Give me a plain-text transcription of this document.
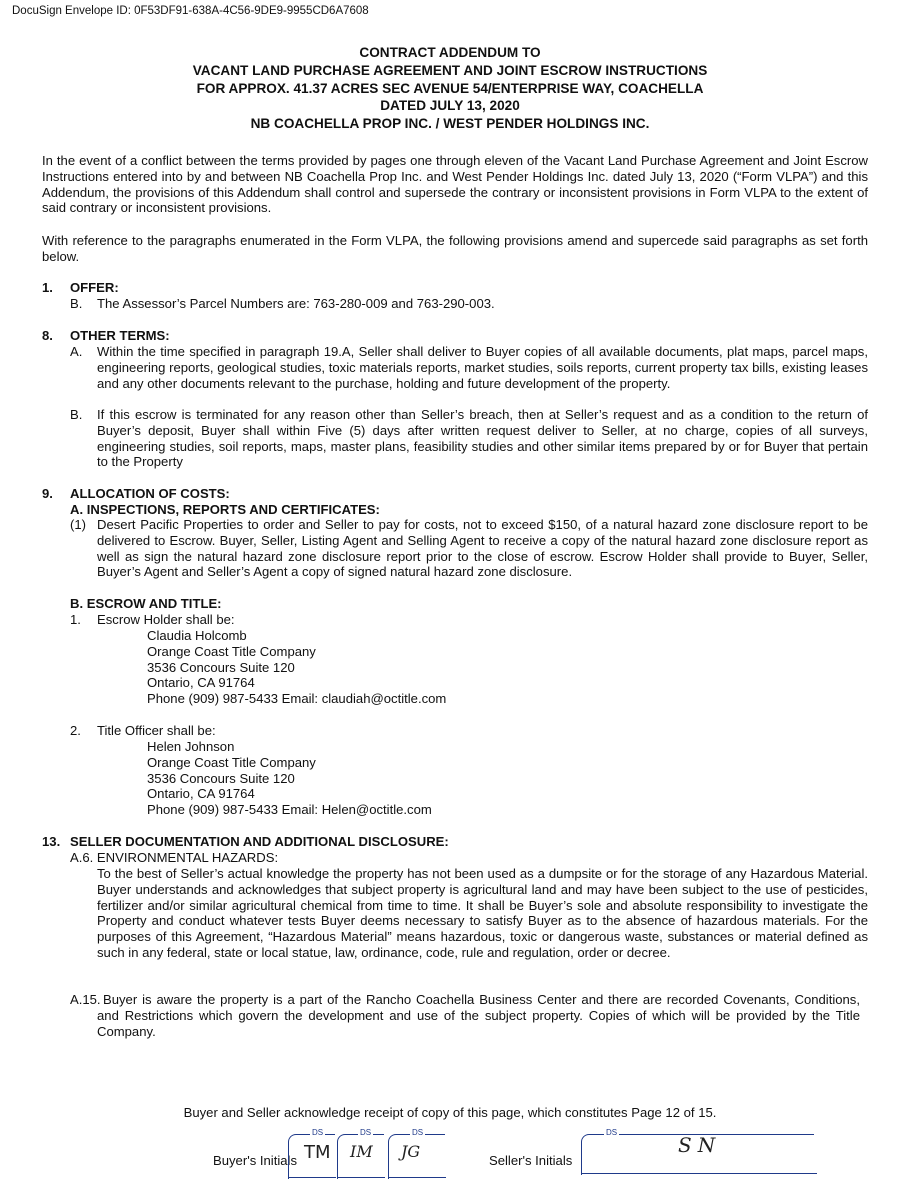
DocuSign Envelope ID: 0F53DF91-638A-4C56-9DE9-9955CD6A7608
CONTRACT ADDENDUM TO
VACANT LAND PURCHASE AGREEMENT AND JOINT ESCROW INSTRUCTIONS
FOR APPROX. 41.37 ACRES SEC AVENUE 54/ENTERPRISE WAY, COACHELLA
DATED JULY 13, 2020
NB COACHELLA PROP INC. / WEST PENDER HOLDINGS INC.
In the event of a conflict between the terms provided by pages one through eleven of the Vacant Land Purchase Agreement and Joint Escrow Instructions entered into by and between NB Coachella Prop Inc. and West Pender Holdings Inc. dated July 13, 2020 (“Form VLPA”) and this Addendum, the provisions of this Addendum shall control and supersede the contrary or inconsistent provisions in Form VLPA to the extent of said contrary or inconsistent provisions.
With reference to the paragraphs enumerated in the Form VLPA, the following provisions amend and supercede said paragraphs as set forth below.
1. OFFER:
B. The Assessor’s Parcel Numbers are: 763-280-009 and 763-290-003.
8. OTHER TERMS:
A. Within the time specified in paragraph 19.A, Seller shall deliver to Buyer copies of all available documents, plat maps, parcel maps, engineering reports, geological studies, toxic materials reports, market studies, soils reports, current property tax bills, existing leases and any other documents relevant to the purchase, holding and future development of the property.
B. If this escrow is terminated for any reason other than Seller’s breach, then at Seller’s request and as a condition to the return of Buyer’s deposit, Buyer shall within Five (5) days after written request deliver to Seller, at no charge, copies of all surveys, engineering studies, soil reports, maps, master plans, feasibility studies and other similar items prepared by or for Buyer that pertain to the Property
9. ALLOCATION OF COSTS:
A. INSPECTIONS, REPORTS AND CERTIFICATES:
(1) Desert Pacific Properties to order and Seller to pay for costs, not to exceed $150, of a natural hazard zone disclosure report to be delivered to Escrow. Buyer, Seller, Listing Agent and Selling Agent to receive a copy of the natural hazard zone disclosure report as well as sign the natural hazard zone disclosure report prior to the close of escrow. Escrow Holder shall provide to Buyer, Seller, Buyer’s Agent and Seller’s Agent a copy of signed natural hazard zone disclosure.
B. ESCROW AND TITLE:
1. Escrow Holder shall be:
Claudia Holcomb
Orange Coast Title Company
3536 Concours Suite 120
Ontario, CA 91764
Phone (909) 987-5433 Email: claudiah@octitle.com
2. Title Officer shall be:
Helen Johnson
Orange Coast Title Company
3536 Concours Suite 120
Ontario, CA 91764
Phone (909) 987-5433 Email: Helen@octitle.com
13. SELLER DOCUMENTATION AND ADDITIONAL DISCLOSURE:
A.6. ENVIRONMENTAL HAZARDS:
To the best of Seller’s actual knowledge the property has not been used as a dumpsite or for the storage of any Hazardous Material. Buyer understands and acknowledges that subject property is agricultural land and may have been subject to the use of pesticides, fertilizer and/or similar agricultural chemical from time to time. It shall be Buyer’s sole and absolute responsibility to investigate the Property and conduct whatever tests Buyer deems necessary to satisfy Buyer as to the absence of hazardous materials. For the purposes of this Agreement, “Hazardous Material” means hazardous, toxic or dangerous waste, substances or material defined as such in any federal, state or local statue, law, ordinance, code, rule and regulation, order or decree.
A.15. Buyer is aware the property is a part of the Rancho Coachella Business Center and there are recorded Covenants, Conditions, and Restrictions which govern the development and use of the subject property. Copies of which will be provided by the Title Company.
Buyer and Seller acknowledge receipt of copy of this page, which constitutes Page 12 of 15.
Buyer's Initials	Seller's Initials
DS
TM
DS
IM
DS
JG
DS
SN
